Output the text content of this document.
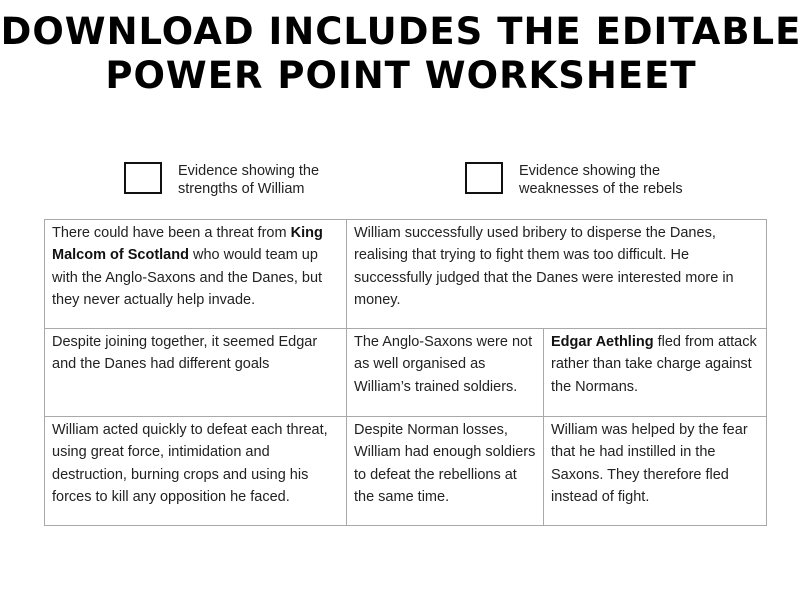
DOWNLOAD INCLUDES THE EDITABLE
POWER POINT WORKSHEET
Evidence showing the
strengths of William
Evidence showing the
weaknesses of the rebels
There could have been a threat from King Malcom of Scotland who would team up with the Anglo-Saxons and the Danes, but they never actually help invade.	William successfully used bribery to disperse the Danes, realising that trying to fight them was too difficult. He successfully judged that the Danes were interested more in money.	
Despite joining together, it seemed Edgar and the Danes had different goals	The Anglo-Saxons were not as well organised as William’s trained soldiers.	Edgar Aethling fled from attack rather than take charge against the Normans.
William acted quickly to defeat each threat, using great force, intimidation and destruction, burning crops and using his forces to kill any opposition he faced.	Despite Norman losses, William had enough soldiers to defeat the rebellions at the same time.	William was helped by the fear that he had instilled in the Saxons. They therefore fled instead of fight.
